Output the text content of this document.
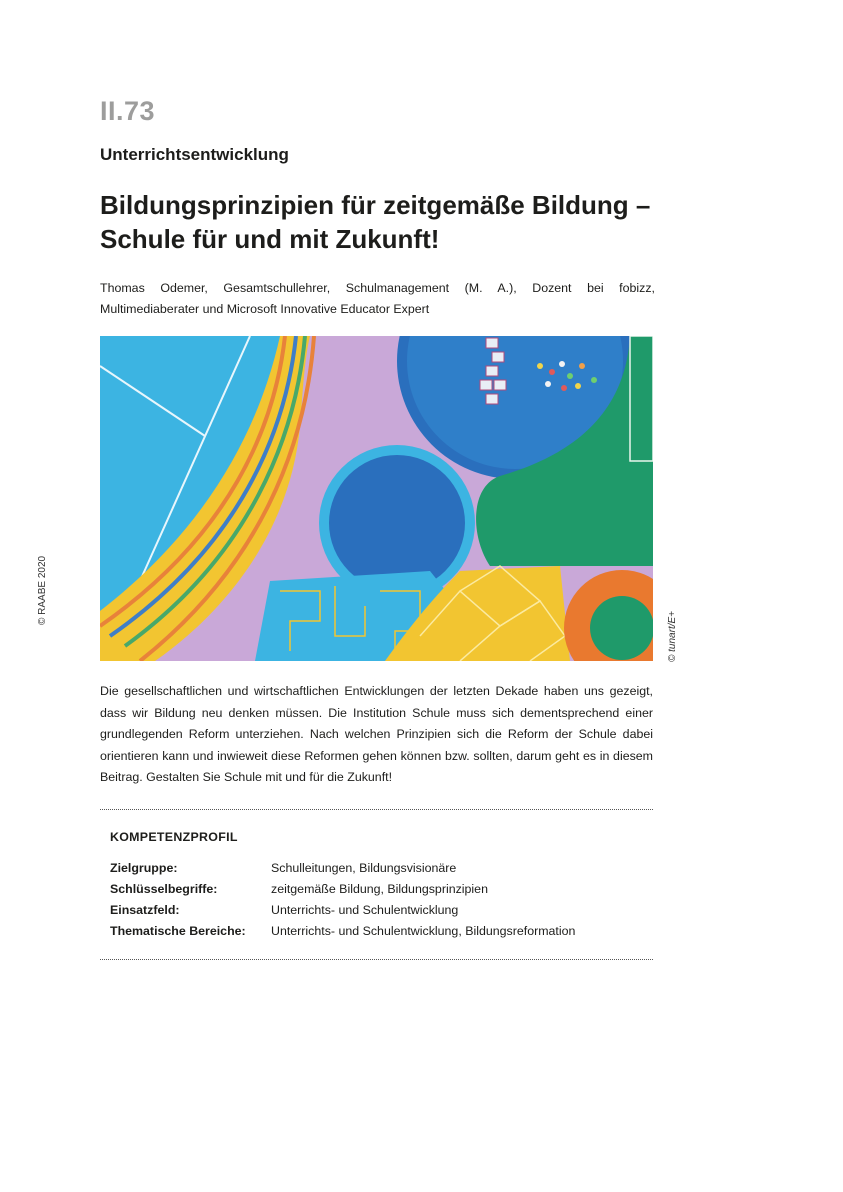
II.73
Unterrichtsentwicklung
Bildungsprinzipien für zeitgemäße Bildung –
Schule für und mit Zukunft!
Thomas Odemer, Gesamtschullehrer, Schulmanagement (M. A.), Dozent bei fobizz, Multimediaberater und Microsoft Innovative Educator Expert
© tunart/E+
© RAABE 2020

Die gesellschaftlichen und wirtschaftlichen Entwicklungen der letzten Dekade haben uns gezeigt, dass wir Bildung neu denken müssen. Die Institution Schule muss sich dementsprechend einer grundlegenden Reform unterziehen. Nach welchen Prinzipien sich die Reform der Schule dabei orientieren kann und inwieweit diese Reformen gehen können bzw. sollten, darum geht es in diesem Beitrag. Gestalten Sie Schule mit und für die Zukunft!

KOMPETENZPROFIL
Zielgruppe:	Schulleitungen, Bildungsvisionäre
Schlüsselbegriffe:	zeitgemäße Bildung, Bildungsprinzipien
Einsatzfeld:	Unterrichts- und Schulentwicklung
Thematische Bereiche:	Unterrichts- und Schulentwicklung, Bildungsreformation
